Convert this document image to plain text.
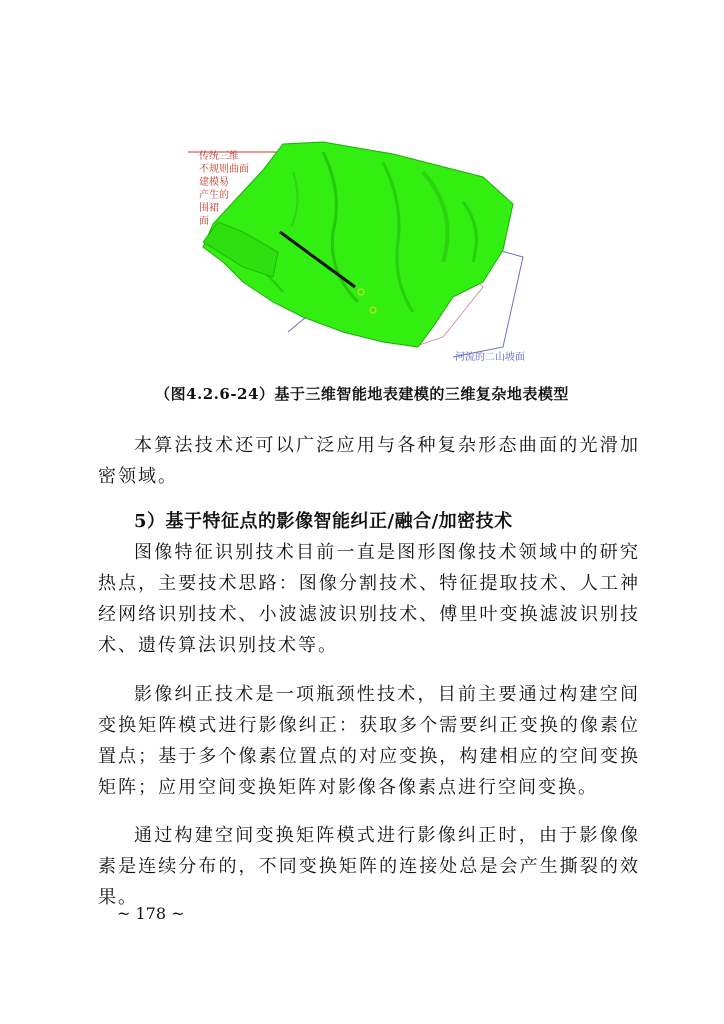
传统三维
不规则曲面
建模易
产生的
围裙
面
河流的二山坡面
（图4.2.6-24）基于三维智能地表建模的三维复杂地表模型

本算法技术还可以广泛应用与各种复杂形态曲面的光滑加密领域。

5）基于特征点的影像智能纠正/融合/加密技术

图像特征识别技术目前一直是图形图像技术领域中的研究热点，主要技术思路：图像分割技术、特征提取技术、人工神经网络识别技术、小波滤波识别技术、傅里叶变换滤波识别技术、遗传算法识别技术等。

影像纠正技术是一项瓶颈性技术，目前主要通过构建空间变换矩阵模式进行影像纠正：获取多个需要纠正变换的像素位置点；基于多个像素位置点的对应变换，构建相应的空间变换矩阵；应用空间变换矩阵对影像各像素点进行空间变换。

通过构建空间变换矩阵模式进行影像纠正时，由于影像像素是连续分布的，不同变换矩阵的连接处总是会产生撕裂的效果。

~ 178 ~
